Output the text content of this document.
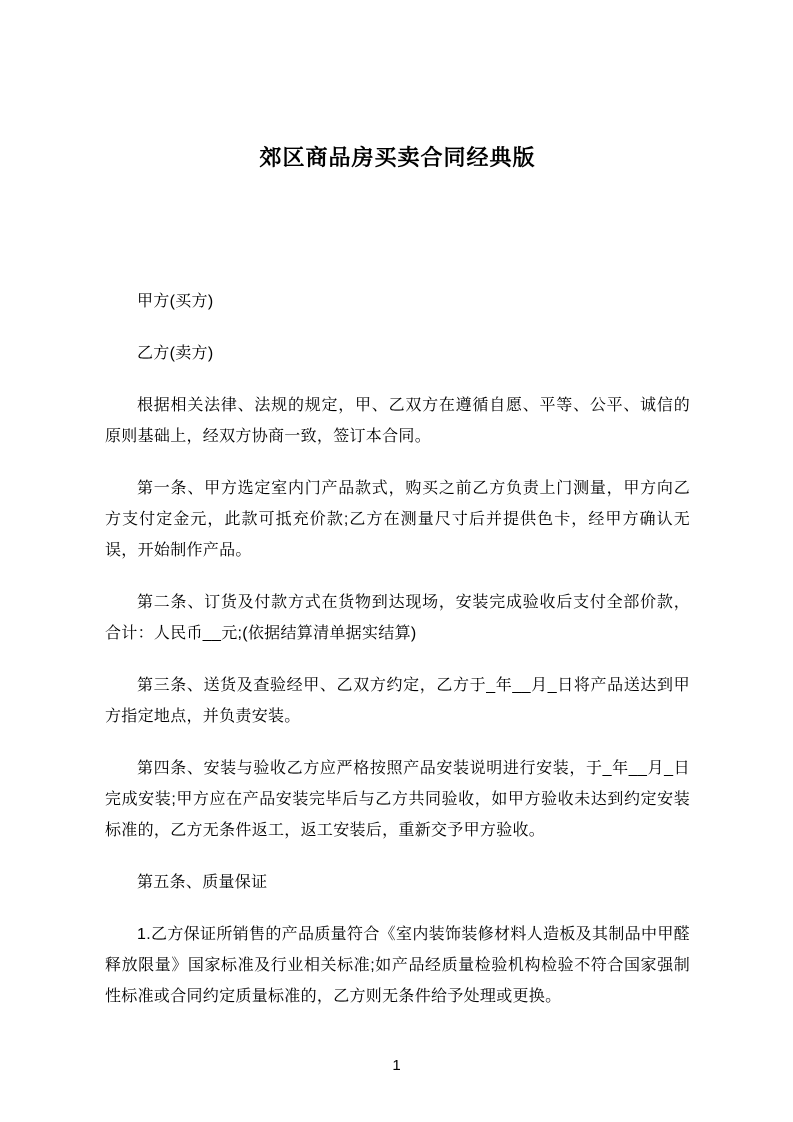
郊区商品房买卖合同经典版

甲方(买方)

乙方(卖方)

根据相关法律、法规的规定，甲、乙双方在遵循自愿、平等、公平、诚信的原则基础上，经双方协商一致，签订本合同。

第一条、甲方选定室内门产品款式，购买之前乙方负责上门测量，甲方向乙方支付定金元，此款可抵充价款;乙方在测量尺寸后并提供色卡，经甲方确认无误，开始制作产品。

第二条、订货及付款方式在货物到达现场，安装完成验收后支付全部价款，合计：人民币__元;(依据结算清单据实结算)

第三条、送货及查验经甲、乙双方约定，乙方于_年__月_日将产品送达到甲方指定地点，并负责安装。

第四条、安装与验收乙方应严格按照产品安装说明进行安装，于_年__月_日完成安装;甲方应在产品安装完毕后与乙方共同验收，如甲方验收未达到约定安装标准的，乙方无条件返工，返工安装后，重新交予甲方验收。

第五条、质量保证

1.乙方保证所销售的产品质量符合《室内装饰装修材料人造板及其制品中甲醛释放限量》国家标准及行业相关标准;如产品经质量检验机构检验不符合国家强制性标准或合同约定质量标准的，乙方则无条件给予处理或更换。

1
